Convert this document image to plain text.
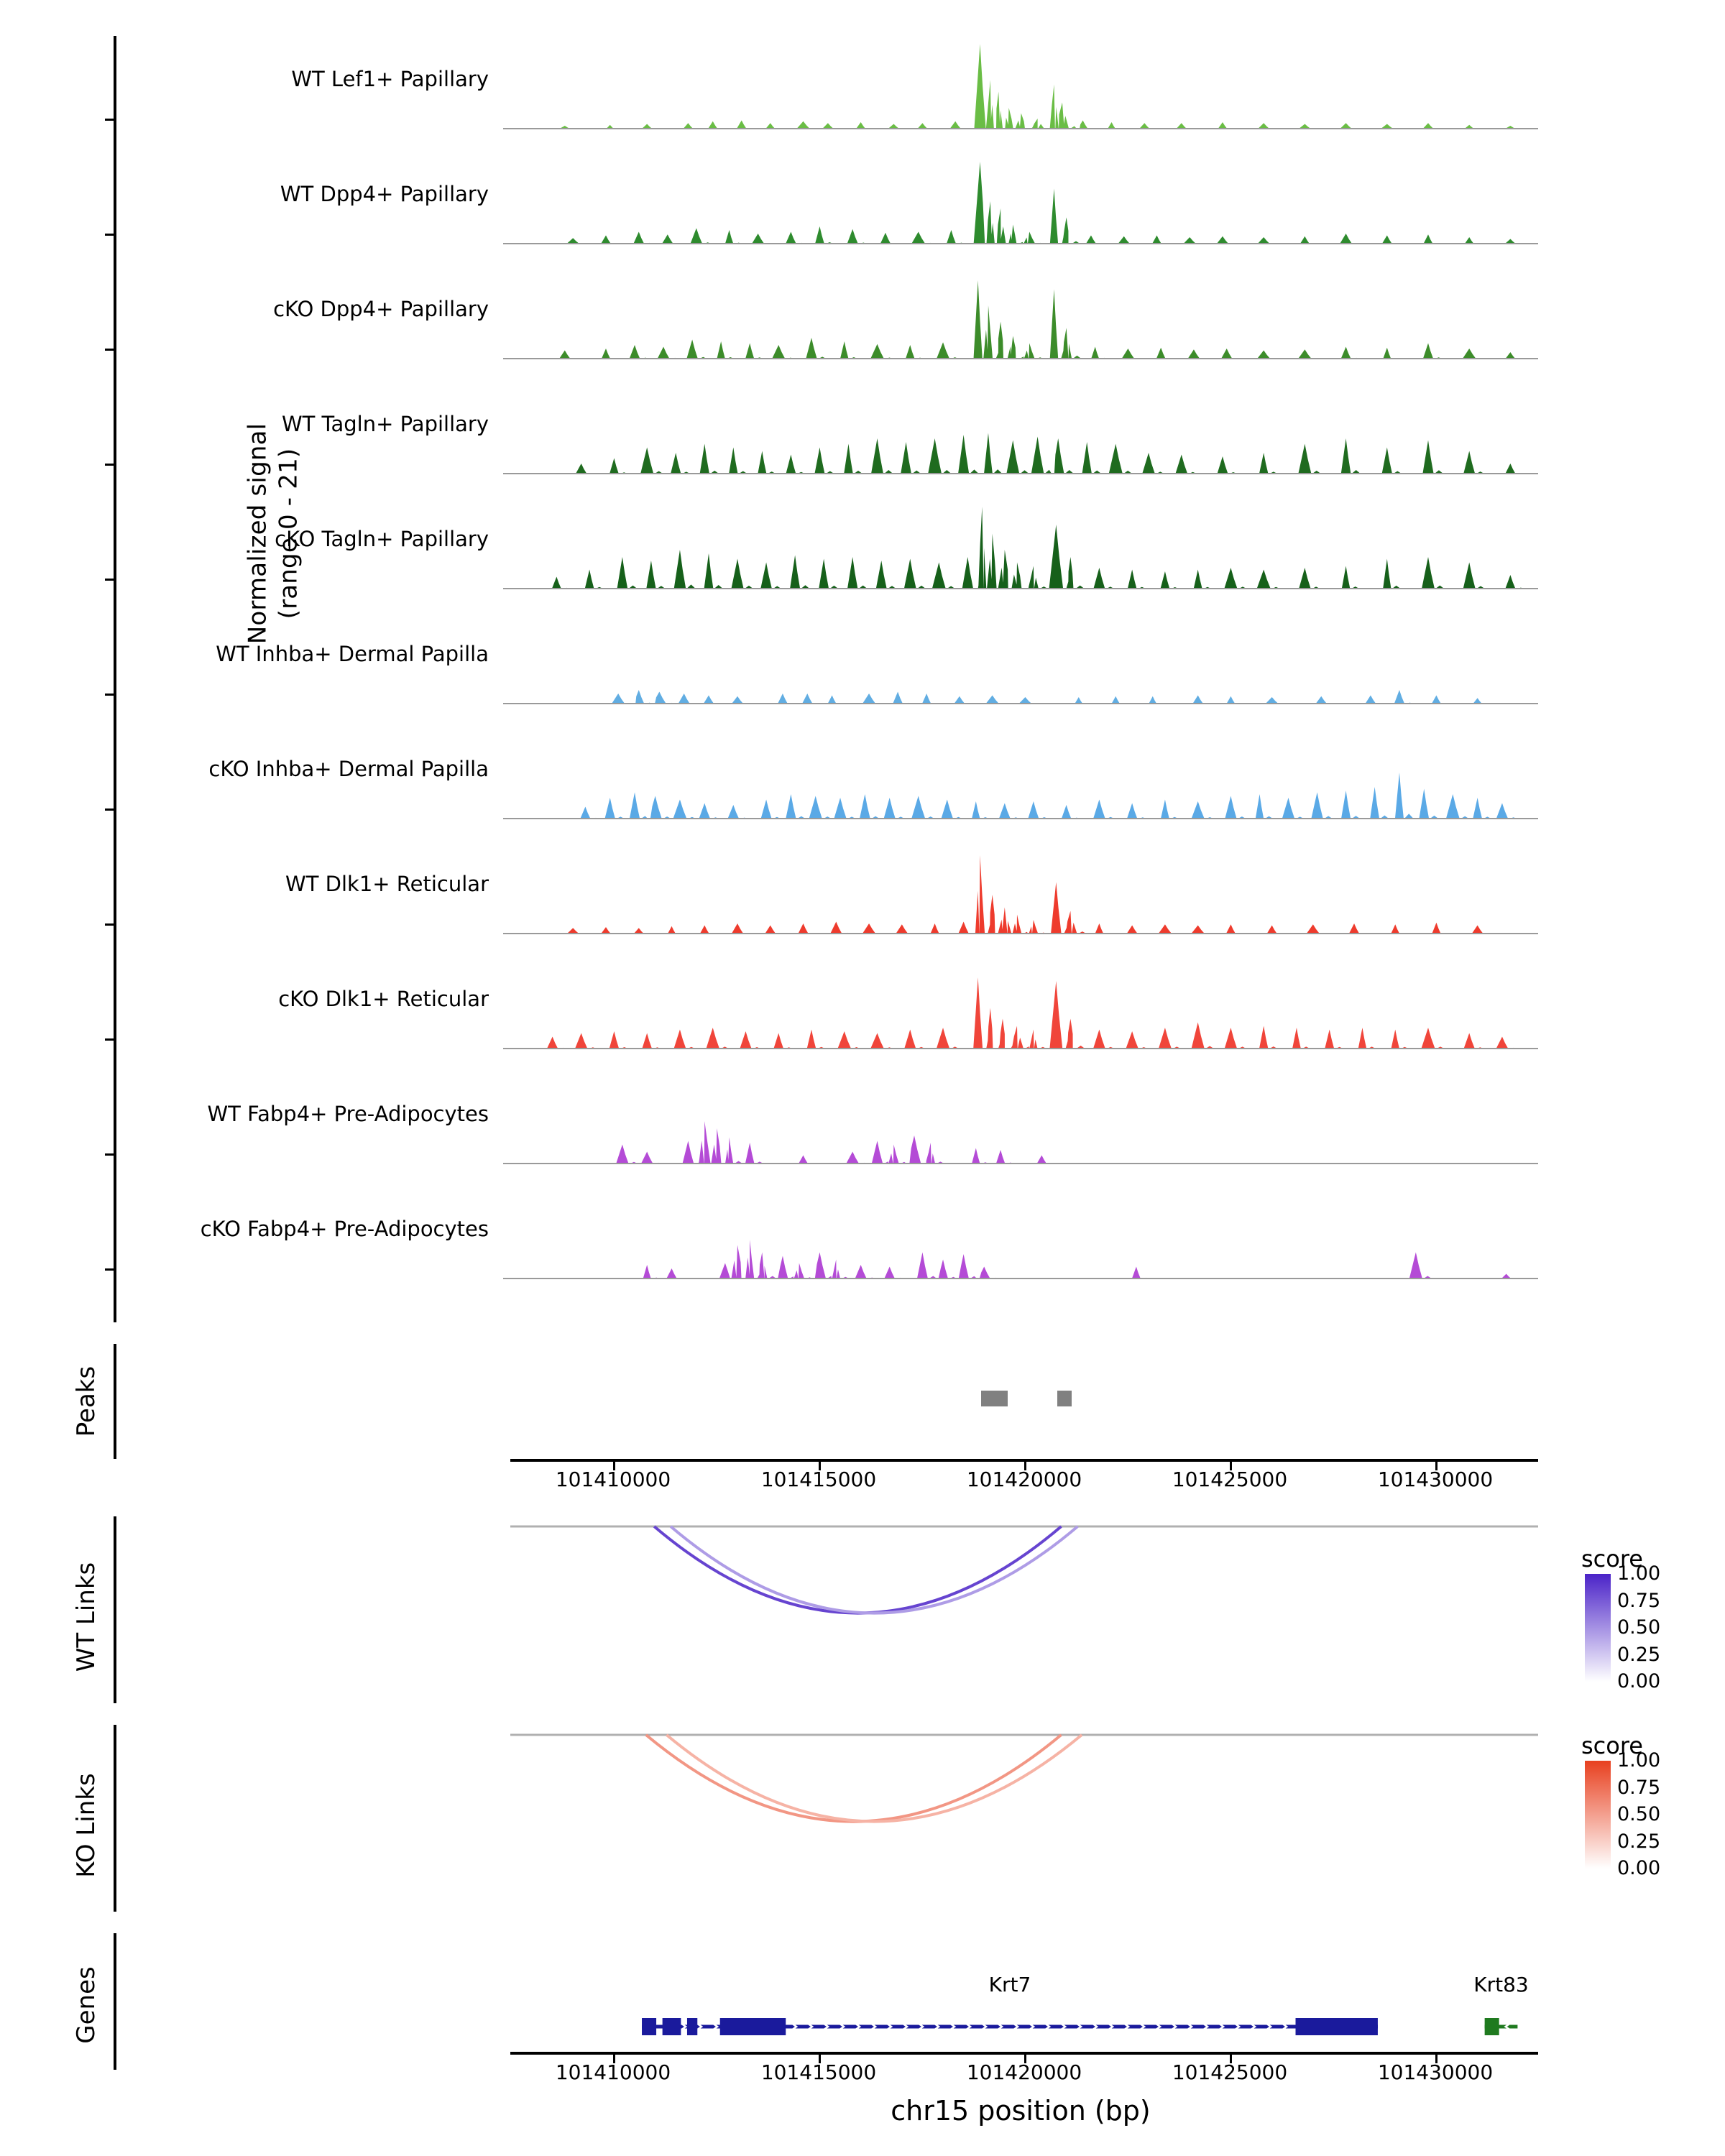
Normalized signal (range 0 - 21)
WT Lef1+ Papillary
WT Dpp4+ Papillary
cKO Dpp4+ Papillary
WT Tagln+ Papillary
cKO Tagln+ Papillary
WT Inhba+ Dermal Papilla
cKO Inhba+ Dermal Papilla
WT Dlk1+ Reticular
cKO Dlk1+ Reticular
WT Fabp4+ Pre-Adipocytes
cKO Fabp4+ Pre-Adipocytes
Peaks
101410000	101415000	101420000	101425000	101430000
WT Links
score
1.00
0.75
0.50
0.25
0.00
KO Links
score
1.00
0.75
0.50
0.25
0.00
Genes	Krt7	Krt83
101410000	101415000	101420000	101425000	101430000
chr15 position (bp)
